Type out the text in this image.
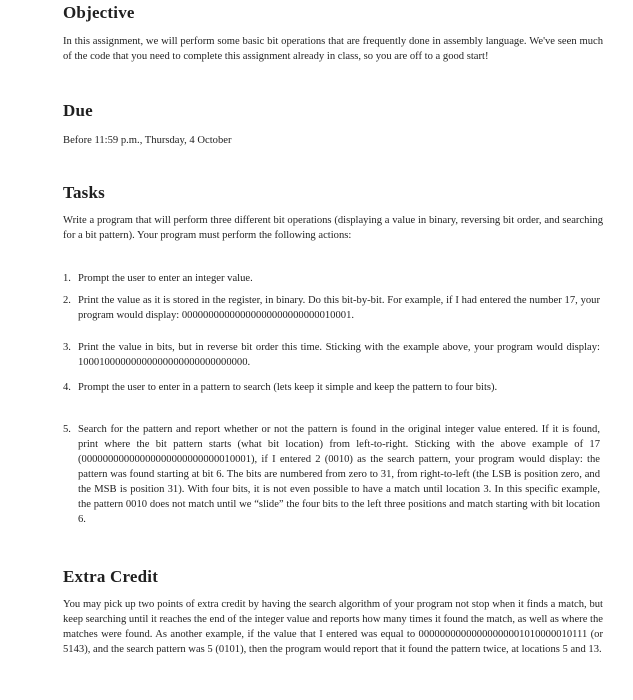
Objective

In this assignment, we will perform some basic bit operations that are frequently done in assembly language. We've seen much of the code that you need to complete this assignment already in class, so you are off to a good start!

Due

Before 11:59 p.m., Thursday, 4 October

Tasks

Write a program that will perform three different bit operations (displaying a value in binary, reversing bit order, and searching for a bit pattern). Your program must perform the following actions:

1. Prompt the user to enter an integer value.
2. Print the value as it is stored in the register, in binary. Do this bit-by-bit. For example, if I had entered the number 17, your program would display: 00000000000000000000000000010001.
3. Print the value in bits, but in reverse bit order this time. Sticking with the example above, your program would display: 10001000000000000000000000000000.
4. Prompt the user to enter in a pattern to search (lets keep it simple and keep the pattern to four bits).
5. Search for the pattern and report whether or not the pattern is found in the original integer value entered. If it is found, print where the bit pattern starts (what bit location) from left-to-right. Sticking with the above example of 17 (00000000000000000000000000010001), if I entered 2 (0010) as the search pattern, your program would display: the pattern was found starting at bit 6. The bits are numbered from zero to 31, from right-to-left (the LSB is position zero, and the MSB is position 31). With four bits, it is not even possible to have a match until location 3. In this specific example, the pattern 0010 does not match until we “slide” the four bits to the left three positions and match starting with bit location 6.
Extra Credit

You may pick up two points of extra credit by having the search algorithm of your program not stop when it finds a match, but keep searching until it reaches the end of the integer value and reports how many times it found the match, as well as where the matches were found. As another example, if the value that I entered was equal to 00000000000000000001010000010111 (or 5143), and the search pattern was 5 (0101), then the program would report that it found the pattern twice, at locations 5 and 13.
